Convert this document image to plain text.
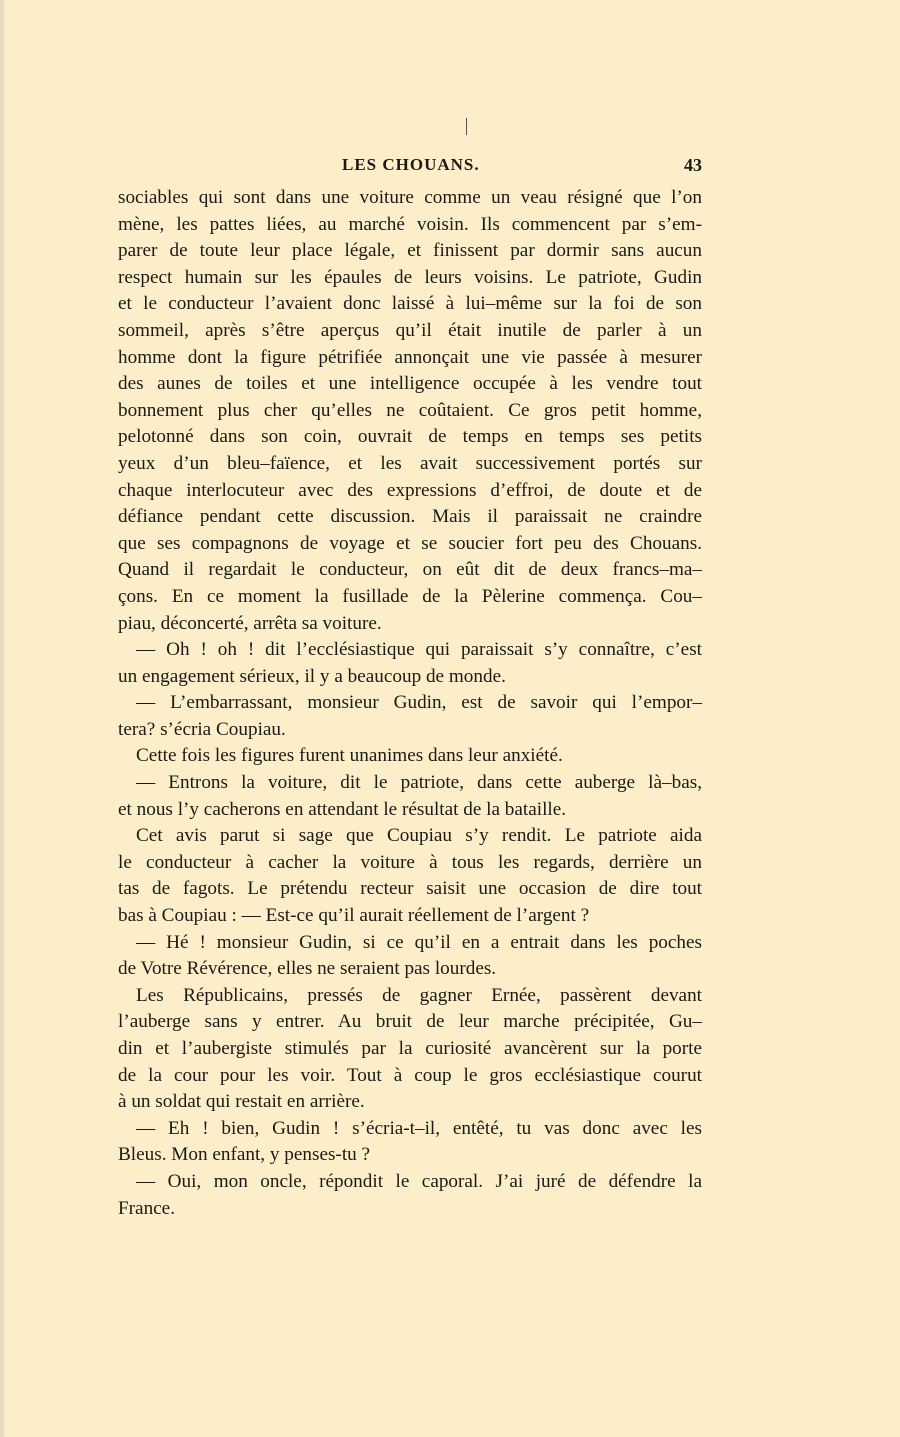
LES CHOUANS.	43
sociables qui sont dans une voiture comme un veau résigné que l’on
mène, les pattes liées, au marché voisin. Ils commencent par s’em-
parer de toute leur place légale, et finissent par dormir sans aucun
respect humain sur les épaules de leurs voisins. Le patriote, Gudin
et le conducteur l’avaient donc laissé à lui–même sur la foi de son
sommeil, après s’être aperçus qu’il était inutile de parler à un
homme dont la figure pétrifiée annonçait une vie passée à mesurer
des aunes de toiles et une intelligence occupée à les vendre tout
bonnement plus cher qu’elles ne coûtaient. Ce gros petit homme,
pelotonné dans son coin, ouvrait de temps en temps ses petits
yeux d’un bleu–faïence, et les avait successivement portés sur
chaque interlocuteur avec des expressions d’effroi, de doute et de
défiance pendant cette discussion. Mais il paraissait ne craindre
que ses compagnons de voyage et se soucier fort peu des Chouans.
Quand il regardait le conducteur, on eût dit de deux francs–ma–
çons. En ce moment la fusillade de la Pèlerine commença. Cou–
piau, déconcerté, arrêta sa voiture.
— Oh ! oh ! dit l’ecclésiastique qui paraissait s’y connaître, c’est
un engagement sérieux, il y a beaucoup de monde.
— L’embarrassant, monsieur Gudin, est de savoir qui l’empor–
tera? s’écria Coupiau.
Cette fois les figures furent unanimes dans leur anxiété.
— Entrons la voiture, dit le patriote, dans cette auberge là–bas,
et nous l’y cacherons en attendant le résultat de la bataille.
Cet avis parut si sage que Coupiau s’y rendit. Le patriote aida
le conducteur à cacher la voiture à tous les regards, derrière un
tas de fagots. Le prétendu recteur saisit une occasion de dire tout
bas à Coupiau : — Est-ce qu’il aurait réellement de l’argent ?
— Hé ! monsieur Gudin, si ce qu’il en a entrait dans les poches
de Votre Révérence, elles ne seraient pas lourdes.
Les Républicains, pressés de gagner Ernée, passèrent devant
l’auberge sans y entrer. Au bruit de leur marche précipitée, Gu–
din et l’aubergiste stimulés par la curiosité avancèrent sur la porte
de la cour pour les voir. Tout à coup le gros ecclésiastique courut
à un soldat qui restait en arrière.
— Eh ! bien, Gudin ! s’écria-t–il, entêté, tu vas donc avec les
Bleus. Mon enfant, y penses-tu ?
— Oui, mon oncle, répondit le caporal. J’ai juré de défendre la
France.
